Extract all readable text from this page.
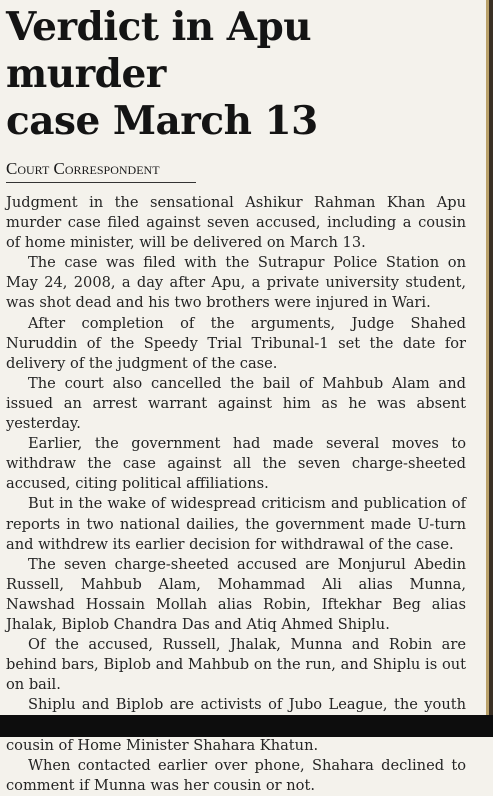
Verdict in Apu murder
case March 13
Court Correspondent

Judgment in the sensational Ashikur Rahman Khan Apu murder case filed against seven accused, including a cousin of home minister, will be delivered on March 13.

The case was filed with the Sutrapur Police Station on May 24, 2008, a day after Apu, a private university student, was shot dead and his two brothers were injured in Wari.

After completion of the arguments, Judge Shahed Nuruddin of the Speedy Trial Tribunal-1 set the date for delivery of the judgment of the case.

The court also cancelled the bail of Mahbub Alam and issued an arrest warrant against him as he was absent yesterday.

Earlier, the government had made several moves to withdraw the case against all the seven charge-sheeted accused, citing political affiliations.

But in the wake of widespread criticism and publication of reports in two national dailies, the government made U-turn and withdrew its earlier decision for withdrawal of the case.

The seven charge-sheeted accused are Monjurul Abedin Russell, Mahbub Alam, Mohammad Ali alias Munna, Nawshad Hossain Mollah alias Robin, Iftekhar Beg alias Jhalak, Biplob Chandra Das and Atiq Ahmed Shiplu.

Of the accused, Russell, Jhalak, Munna and Robin are behind bars, Biplob and Mahbub on the run, and Shiplu is out on bail.

Shiplu and Biplob are activists of Jubo League, the youth cousin of Home Minister Shahara Khatun.

When contacted earlier over phone, Shahara declined to comment if Munna was her cousin or not.
